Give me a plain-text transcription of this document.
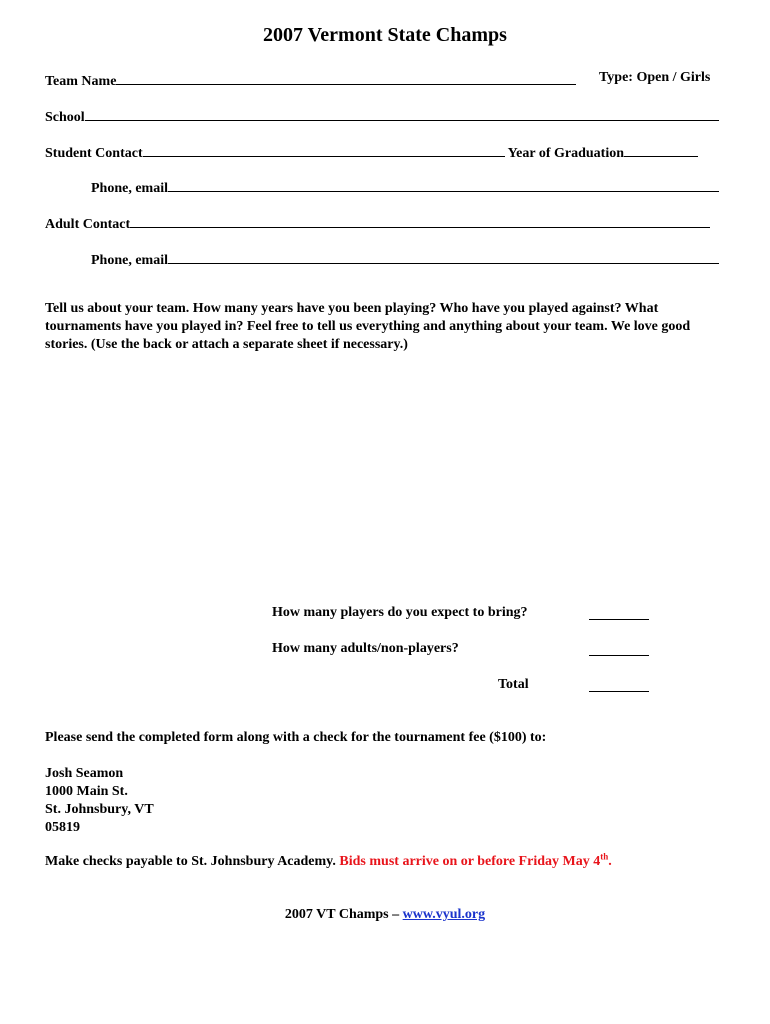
2007 Vermont State Champs
Team Name	Type: Open / Girls
School
Student Contact	Year of Graduation
Phone, email
Adult Contact
Phone, email
Tell us about your team. How many years have you been playing? Who have you played against? What tournaments have you played in? Feel free to tell us everything and anything about your team. We love good stories. (Use the back or attach a separate sheet if necessary.)
How many players do you expect to bring?
How many adults/non-players?
Total
Please send the completed form along with a check for the tournament fee ($100) to:
Josh Seamon
1000 Main St.
St. Johnsbury, VT
05819
Make checks payable to St. Johnsbury Academy. Bids must arrive on or before Friday May 4th.
2007 VT Champs – www.vyul.org
